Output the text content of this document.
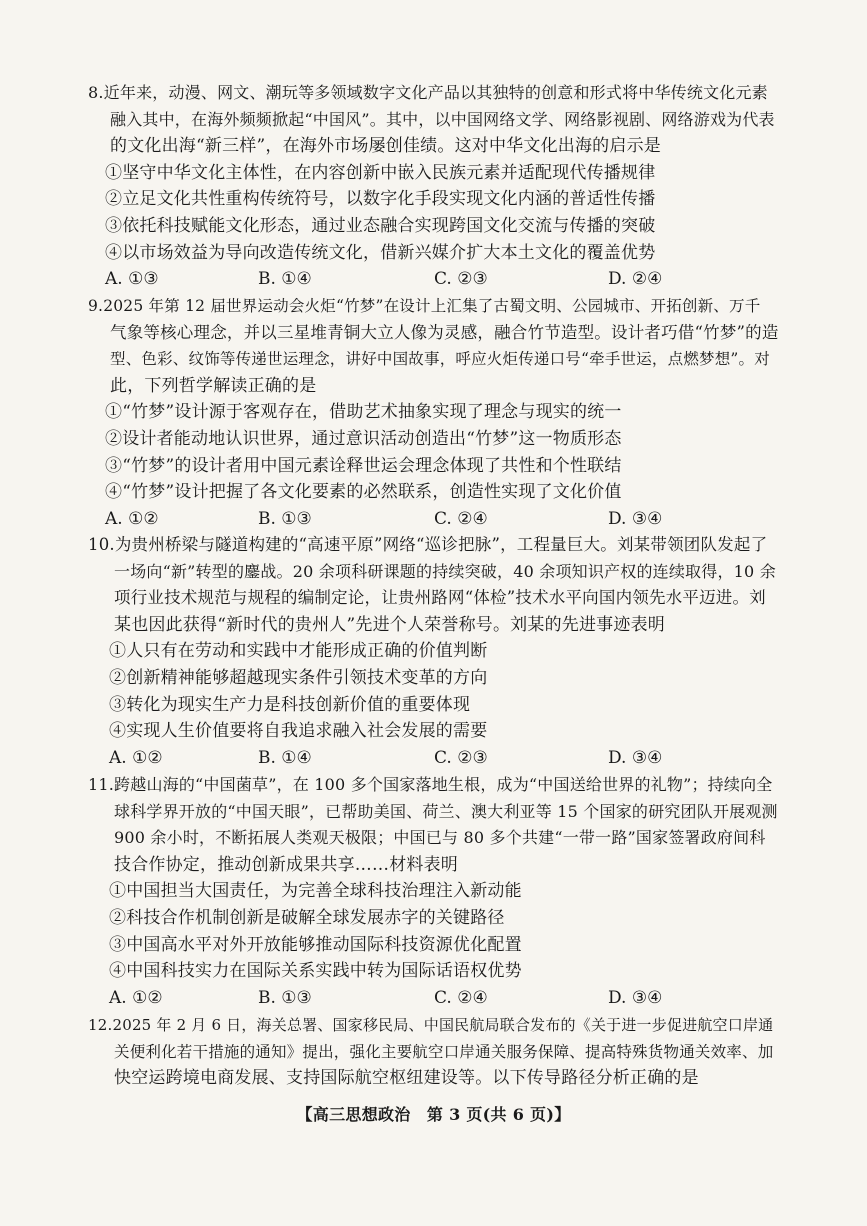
8.近年来，动漫、网文、潮玩等多领域数字文化产品以其独特的创意和形式将中华传统文化元素
融入其中，在海外频频掀起“中国风”。其中，以中国网络文学、网络影视剧、网络游戏为代表
的文化出海“新三样”，在海外市场屡创佳绩。这对中华文化出海的启示是
①坚守中华文化主体性，在内容创新中嵌入民族元素并适配现代传播规律
②立足文化共性重构传统符号，以数字化手段实现文化内涵的普适性传播
③依托科技赋能文化形态，通过业态融合实现跨国文化交流与传播的突破
④以市场效益为导向改造传统文化，借新兴媒介扩大本土文化的覆盖优势
A. ①③	B. ①④	C. ②③	D. ②④
9.2025 年第 12 届世界运动会火炬“竹梦”在设计上汇集了古蜀文明、公园城市、开拓创新、万千
气象等核心理念，并以三星堆青铜大立人像为灵感，融合竹节造型。设计者巧借“竹梦”的造
型、色彩、纹饰等传递世运理念，讲好中国故事，呼应火炬传递口号“牵手世运，点燃梦想”。对
此，下列哲学解读正确的是
①“竹梦”设计源于客观存在，借助艺术抽象实现了理念与现实的统一
②设计者能动地认识世界，通过意识活动创造出“竹梦”这一物质形态
③“竹梦”的设计者用中国元素诠释世运会理念体现了共性和个性联结
④“竹梦”设计把握了各文化要素的必然联系，创造性实现了文化价值
A. ①②	B. ①③	C. ②④	D. ③④
10.为贵州桥梁与隧道构建的“高速平原”网络“巡诊把脉”，工程量巨大。刘某带领团队发起了
一场向“新”转型的鏖战。20 余项科研课题的持续突破，40 余项知识产权的连续取得，10 余
项行业技术规范与规程的编制定论，让贵州路网“体检”技术水平向国内领先水平迈进。刘
某也因此获得“新时代的贵州人”先进个人荣誉称号。刘某的先进事迹表明
①人只有在劳动和实践中才能形成正确的价值判断
②创新精神能够超越现实条件引领技术变革的方向
③转化为现实生产力是科技创新价值的重要体现
④实现人生价值要将自我追求融入社会发展的需要
A. ①②	B. ①④	C. ②③	D. ③④
11.跨越山海的“中国菌草”，在 100 多个国家落地生根，成为“中国送给世界的礼物”；持续向全
球科学界开放的“中国天眼”，已帮助美国、荷兰、澳大利亚等 15 个国家的研究团队开展观测
900 余小时，不断拓展人类观天极限；中国已与 80 多个共建“一带一路”国家签署政府间科
技合作协定，推动创新成果共享……材料表明
①中国担当大国责任，为完善全球科技治理注入新动能
②科技合作机制创新是破解全球发展赤字的关键路径
③中国高水平对外开放能够推动国际科技资源优化配置
④中国科技实力在国际关系实践中转为国际话语权优势
A. ①②	B. ①③	C. ②④	D. ③④
12.2025 年 2 月 6 日，海关总署、国家移民局、中国民航局联合发布的《关于进一步促进航空口岸通
关便利化若干措施的通知》提出，强化主要航空口岸通关服务保障、提高特殊货物通关效率、加
快空运跨境电商发展、支持国际航空枢纽建设等。以下传导路径分析正确的是
【高三思想政治　第 3 页(共 6 页)】
